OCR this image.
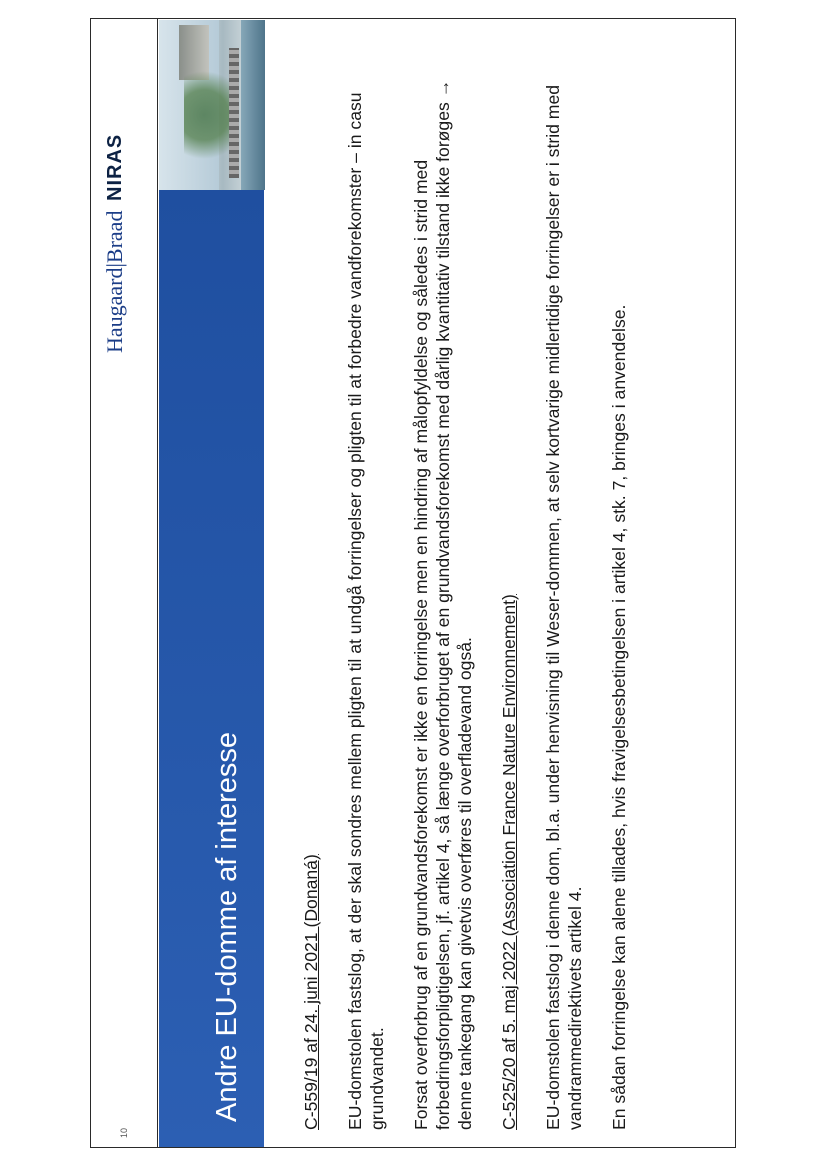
10
Andre EU-domme af interesse
NIRAS
Haugaard|Braad

C-559/19 af 24. juni 2021 (Donaná) EU-domstolen fastslog, at der skal sondres mellem pligten til at undgå forringelser og pligten til at forbedre vandforekomster – in casu grundvandet. Forsat overforbrug af en grundvandsforekomst er ikke en forringelse men en hindring af målopfyldelse og således i strid med forbedringsforpligtigelsen, jf. artikel 4, så længe overforbruget af en grundvandsforekomst med dårlig kvantitativ tilstand ikke forøges → denne tankegang kan givetvis overføres til overfladevand også. C-525/20 af 5. maj 2022 (Association France Nature Environnement) EU-domstolen fastslog i denne dom, bl.a. under henvisning til Weser-dommen, at selv kortvarige midlertidige forringelser er i strid med vandrammedirektivets artikel 4. En sådan forringelse kan alene tillades, hvis fravigelsesbetingelsen i artikel 4, stk. 7, bringes i anvendelse.
